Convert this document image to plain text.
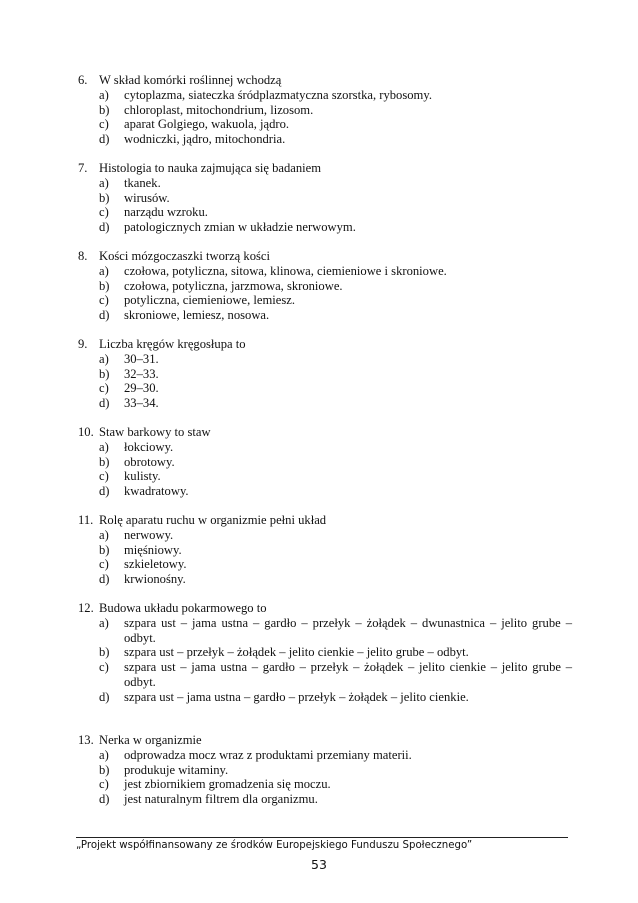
6. W skład komórki roślinnej wchodzą
a)	cytoplazma, siateczka śródplazmatyczna szorstka, rybosomy.
b)	chloroplast, mitochondrium, lizosom.
c)	aparat Golgiego, wakuola, jądro.
d)	wodniczki, jądro, mitochondria.
7. Histologia to nauka zajmująca się badaniem
a)	tkanek.
b)	wirusów.
c)	narządu wzroku.
d)	patologicznych zmian w układzie nerwowym.
8. Kości mózgoczaszki tworzą kości
a)	czołowa, potyliczna, sitowa, klinowa, ciemieniowe i skroniowe.
b)	czołowa, potyliczna, jarzmowa, skroniowe.
c)	potyliczna, ciemieniowe, lemiesz.
d)	skroniowe, lemiesz, nosowa.
9. Liczba kręgów kręgosłupa to
a)	30–31.
b)	32–33.
c)	29–30.
d)	33–34.
10. Staw barkowy to staw
a)	łokciowy.
b)	obrotowy.
c)	kulisty.
d)	kwadratowy.
11. Rolę aparatu ruchu w organizmie pełni układ
a)	nerwowy.
b)	mięśniowy.
c)	szkieletowy.
d)	krwionośny.
12. Budowa układu pokarmowego to
a)	szpara ust – jama ustna – gardło – przełyk – żołądek – dwunastnica – jelito grube –
odbyt.
b)	szpara ust – przełyk – żołądek – jelito cienkie – jelito grube – odbyt.
c)	szpara ust – jama ustna – gardło – przełyk – żołądek – jelito cienkie – jelito grube –
odbyt.
d)	szpara ust – jama ustna – gardło – przełyk – żołądek – jelito cienkie.
13. Nerka w organizmie
a)	odprowadza mocz wraz z produktami przemiany materii.
b)	produkuje witaminy.
c)	jest zbiornikiem gromadzenia się moczu.
d)	jest naturalnym filtrem dla organizmu.
„Projekt współfinansowany ze środków Europejskiego Funduszu Społecznego”
53
